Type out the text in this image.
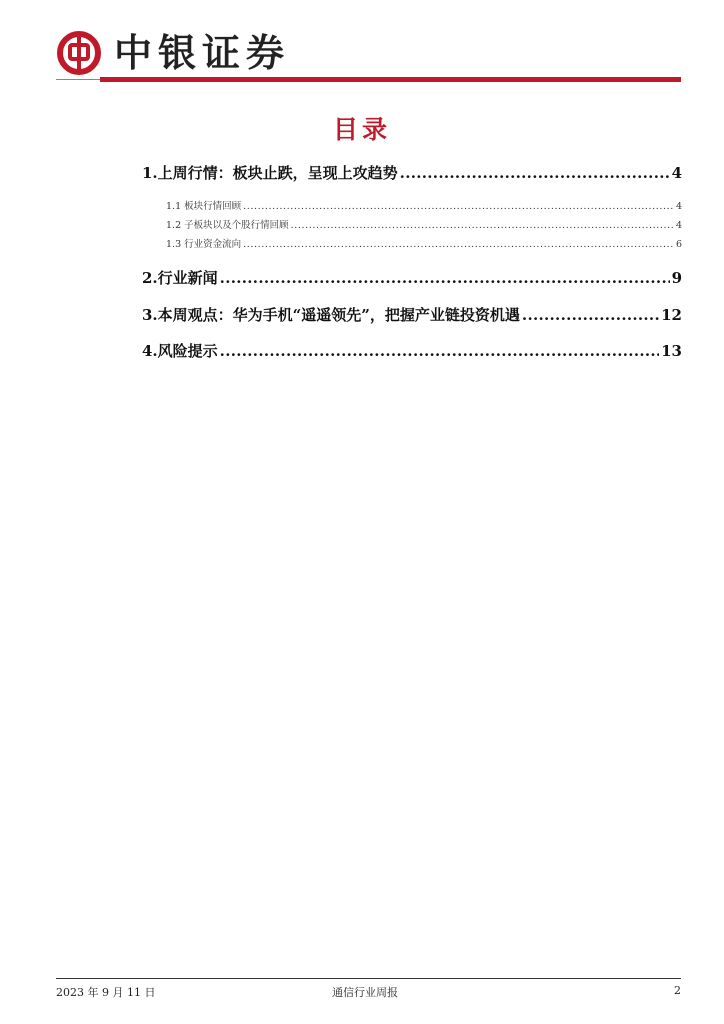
中银证券
目录
1.上周行情：板块止跌，呈现上攻趋势 .....	4
1.1 板块行情回顾 .....	4
1.2 子板块以及个股行情回顾 .....	4
1.3 行业资金流向 .....	6
2.行业新闻 .....	9
3.本周观点：华为手机“遥遥领先”，把握产业链投资机遇 .....	12
4.风险提示 .....	13
2023 年 9 月 11 日	通信行业周报	2
